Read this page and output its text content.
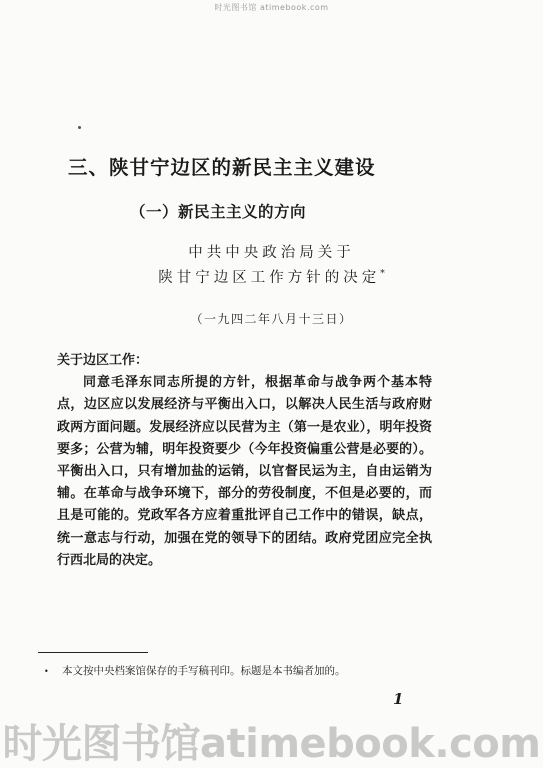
时光图书馆 atimebook.com
三、陕甘宁边区的新民主主义建设
（一）新民主主义的方向
中共中央政治局关于
陕甘宁边区工作方针的决定*
（一九四二年八月十三日）
关于边区工作：
同意毛泽东同志所提的方针，根据革命与战争两个基本特点，边区应以发展经济与平衡出入口，以解决人民生活与政府财政两方面问题。发展经济应以民营为主（第一是农业），明年投资要多；公营为辅，明年投资要少（今年投资偏重公营是必要的）。平衡出入口，只有增加盐的运销，以官督民运为主，自由运销为辅。在革命与战争环境下，部分的劳役制度，不但是必要的，而且是可能的。党政军各方应着重批评自己工作中的错误，缺点，统一意志与行动，加强在党的领导下的团结。政府党团应完全执行西北局的决定。
• 本文按中央档案馆保存的手写稿刊印。标题是本书编者加的。
1
时光图书馆atimebook.com
